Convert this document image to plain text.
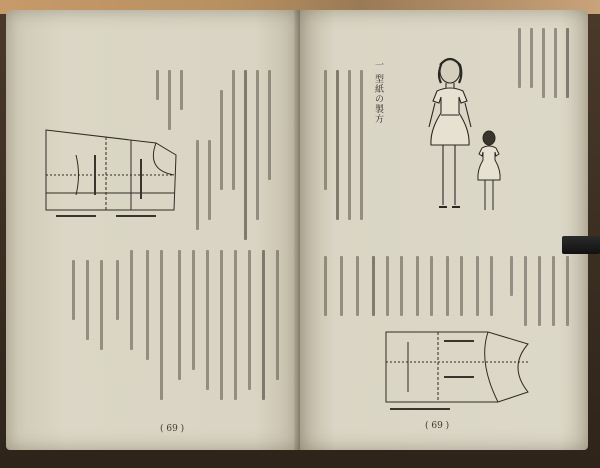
( 69 )
一 型紙の製方
( 69 )
